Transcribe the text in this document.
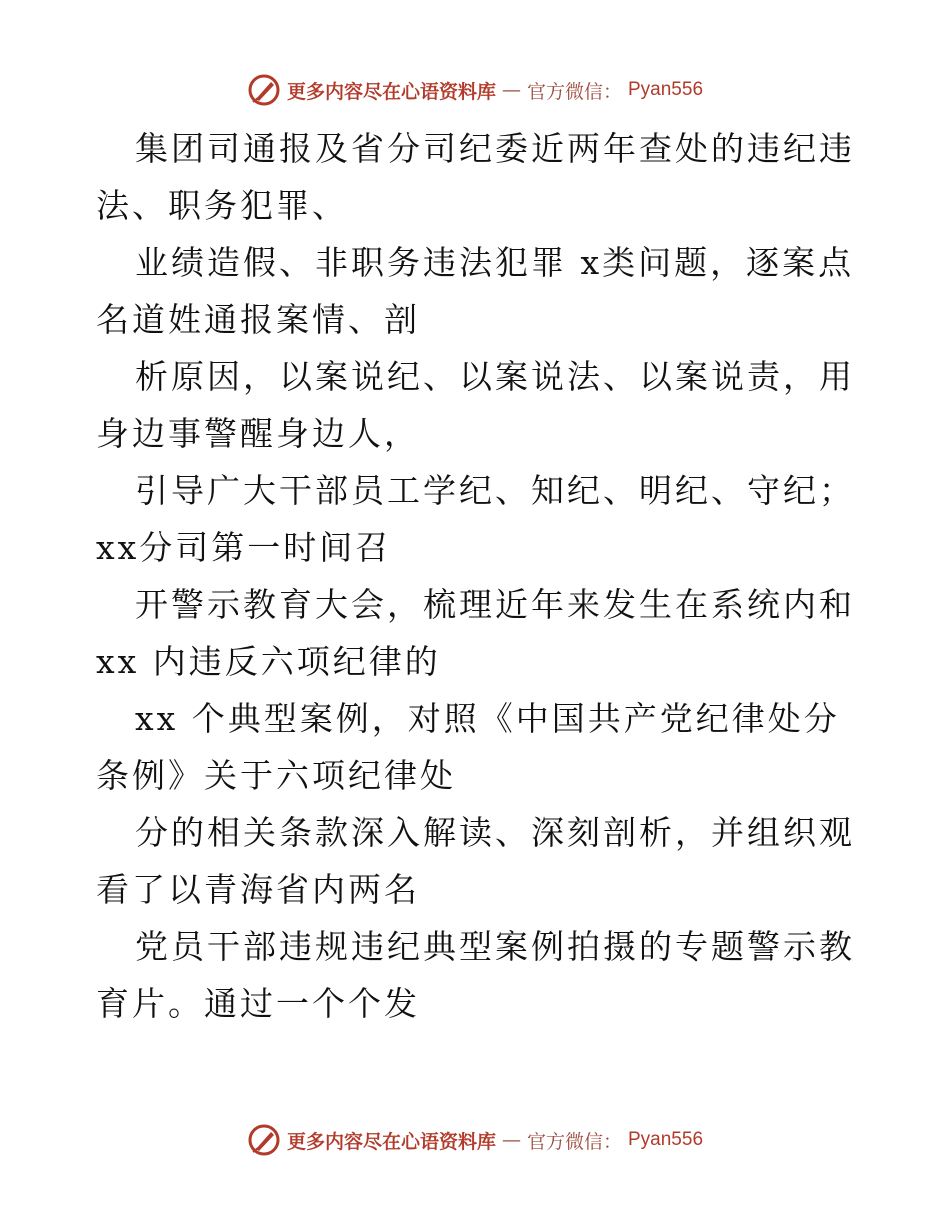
更多内容尽在心语资料库 — 官方微信： Pyan556

集团司通报及省分司纪委近两年查处的违纪违法、职务犯罪、

业绩造假、非职务违法犯罪 x类问题，逐案点名道姓通报案情、剖

析原因，以案说纪、以案说法、以案说责，用身边事警醒身边人，

引导广大干部员工学纪、知纪、明纪、守纪；xx分司第一时间召

开警示教育大会，梳理近年来发生在系统内和xx 内违反六项纪律的

xx 个典型案例，对照《中国共产党纪律处分条例》关于六项纪律处

分的相关条款深入解读、深刻剖析，并组织观看了以青海省内两名

党员干部违规违纪典型案例拍摄的专题警示教育片。通过一个个发

更多内容尽在心语资料库 — 官方微信： Pyan556
